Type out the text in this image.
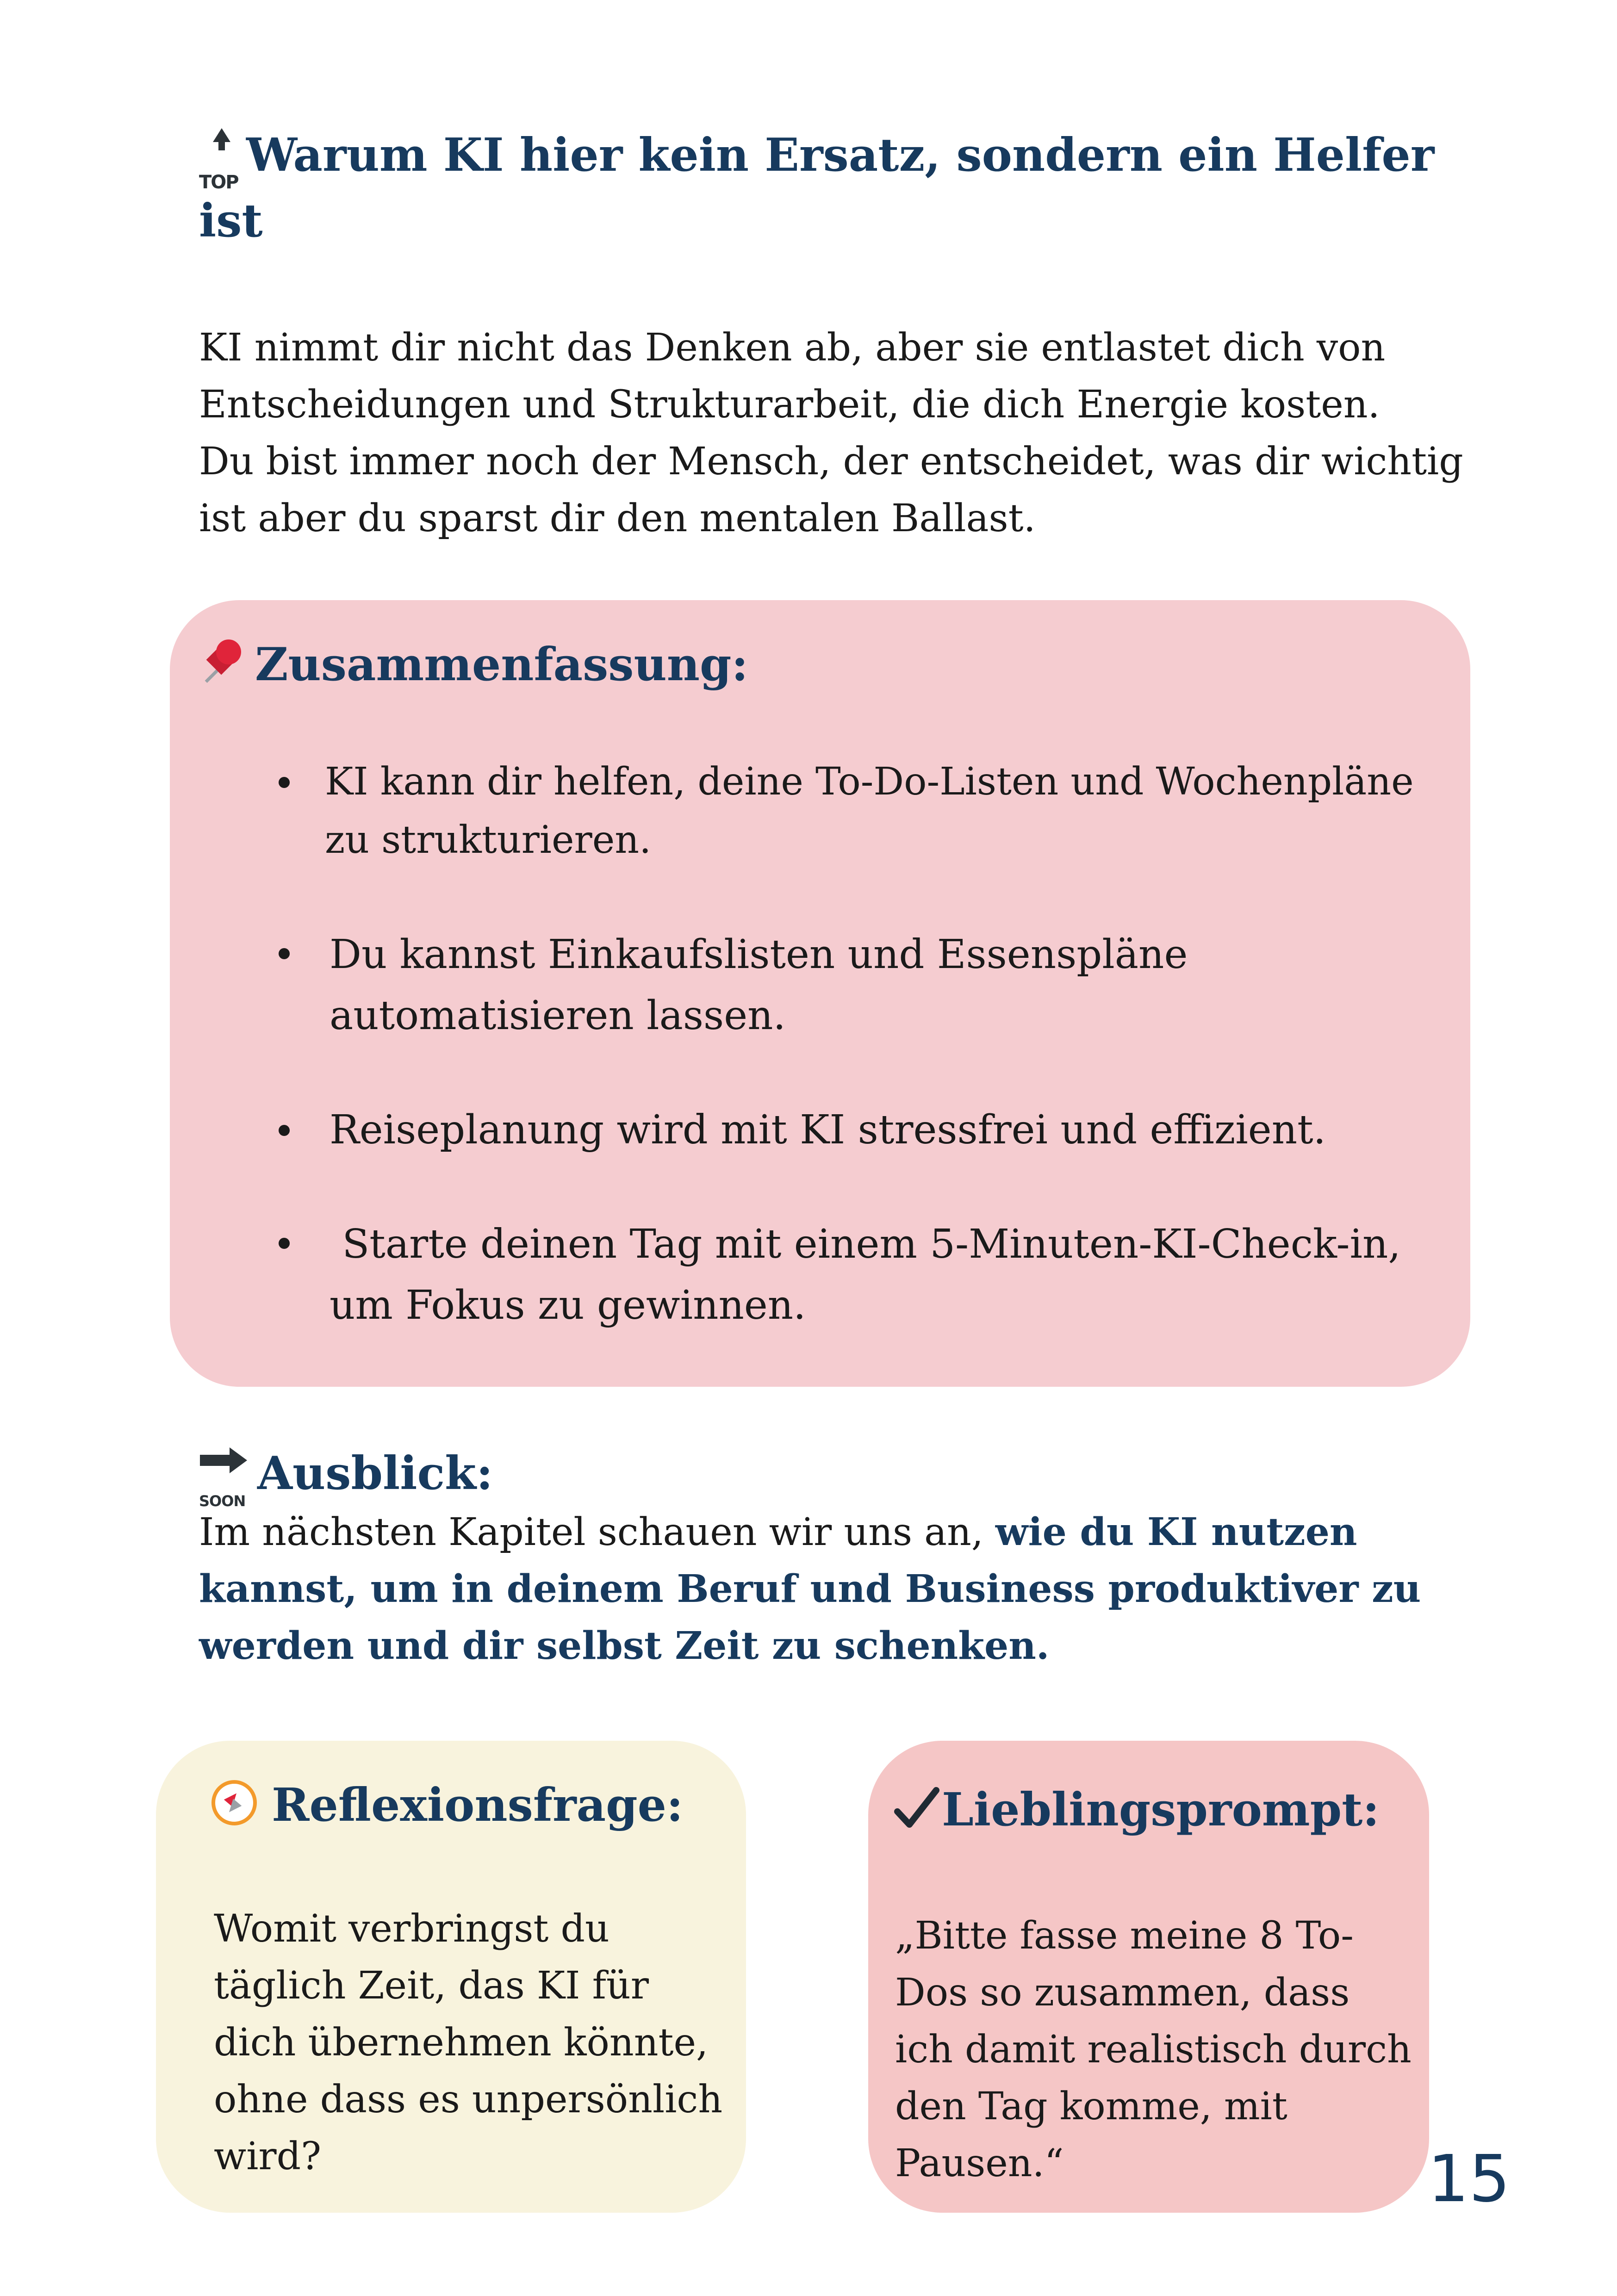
TOP
Warum KI hier kein Ersatz, sondern ein Helfer ist

KI nimmt dir nicht das Denken ab, aber sie entlastet dich von Entscheidungen und Strukturarbeit, die dich Energie kosten.

Du bist immer noch der Mensch, der entscheidet, was dir wichtig ist aber du sparst dir den mentalen Ballast.

Zusammenfassung:
KI kann dir helfen, deine To-Do-Listen und Wochenpläne zu strukturieren.
Du kannst Einkaufslisten und Essenspläne automatisieren lassen.
Reiseplanung wird mit KI stressfrei und effizient.
Starte deinen Tag mit einem 5-Minuten-KI-Check-in, um Fokus zu gewinnen.
SOON
Ausblick:
Im nächsten Kapitel schauen wir uns an, wie du KI nutzen kannst, um in deinem Beruf und Business produktiver zu werden und dir selbst Zeit zu schenken.
Reflexionsfrage:
Womit verbringst du täglich Zeit, das KI für dich übernehmen könnte, ohne dass es unpersönlich wird?
Lieblingsprompt:
„Bitte fasse meine 8 To-Dos so zusammen, dass ich damit realistisch durch den Tag komme, mit Pausen.“	15
